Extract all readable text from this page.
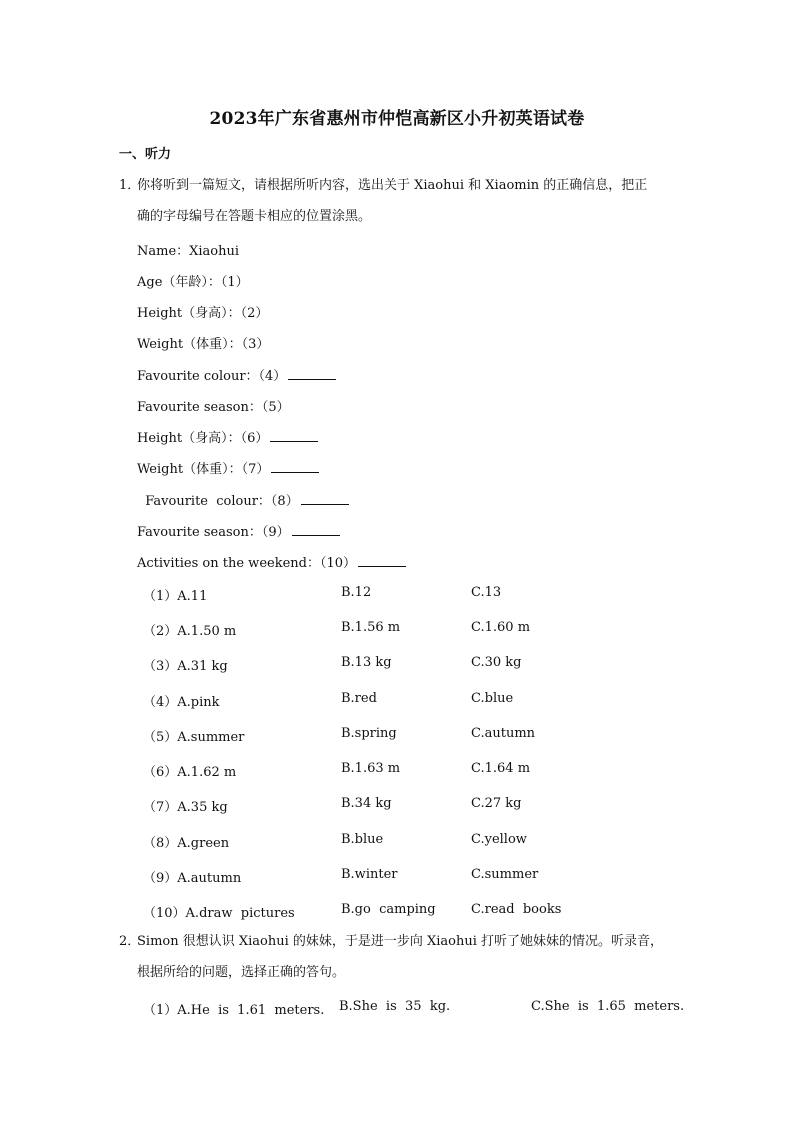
2023年广东省惠州市仲恺高新区小升初英语试卷
一、听力
1．
你将听到一篇短文，请根据所听内容，选出关于 Xiaohui 和 Xiaomin 的正确信息，把正
确的字母编号在答题卡相应的位置涂黑。
Name：Xiaohui
Age（年龄）：（1）
Height（身高）：（2）
Weight（体重）：（3）
Favourite colour：（4）
Favourite season：（5）
Height（身高）：（6）
Weight（体重）：（7）
Favourite  colour：（8）
Favourite season：（9）
Activities on the weekend：（10）
（1）A.11	B.12	C.13
（2）A.1.50 m	B.1.56 m	C.1.60 m
（3）A.31 kg	B.13 kg	C.30 kg
（4）A.pink	B.red	C.blue
（5）A.summer	B.spring	C.autumn
（6）A.1.62 m	B.1.63 m	C.1.64 m
（7）A.35 kg	B.34 kg	C.27 kg
（8）A.green	B.blue	C.yellow
（9）A.autumn	B.winter	C.summer
（10）A.draw  pictures	B.go  camping	C.read  books
2．
Simon 很想认识 Xiaohui 的妹妹，于是进一步向 Xiaohui 打听了她妹妹的情况。听录音，
根据所给的问题，选择正确的答句。
（1）A.He  is  1.61  meters. B.She  is  35  kg.	C.She  is  1.65  meters.
